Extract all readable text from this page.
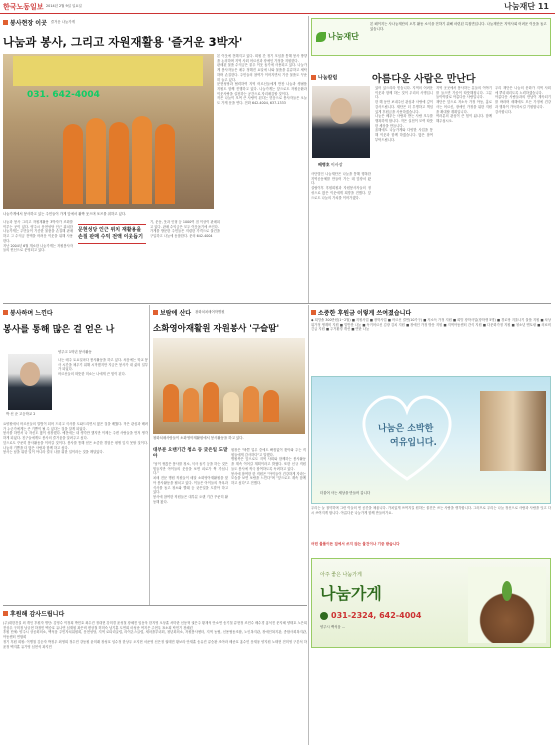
한국노동일보 2014년 2월 9일 일요일	나눔재단 11
봉사현장 이곳 즐거운 나눔가게
나눔과 봉사, 그리고 자원재활용 '즐거운 3박자'
031. 642-4004
나눔가게에서 봉사하고 있는 주민들이 가게 앞에서 활짝 웃으며 포즈를 취하고 있다.

나눔과 봉사 그리고 자원재활용 3박자가 조화를 이루는 곳이 있다. 양주시 문현성당 인근 위치한 나눔가게는 주민들이 기증한 물품을 손질해 판매하고 그 수익금 전액을 어려운 이웃을 위해 사용한다.

지난 2004년 6월 개소한 나눔가게는 자원봉사자들의 헌신으로 운영되고 있다.

문현성당 인근 위치 재활용을 손질 판매 수익 전액 이웃돕기

기, 운동, 옷과 인형 등 1000여 점 이상이 판매되고 있다. 판매 수익금은 모두 이웃돕기에 쓰인다.

가게를 방문한 주민들은 저렴한 가격으로 물건을 구입하고 나눔에 동참한다. 문의 642-4004

본 이웃에 전해지고 있다. 회원 간 정기 모임을 통해 봉사 방향을 논의하며 지역 사회 어르신과 장애인 가정을 지원한다.

판매된 물품 수익금은 불우 이웃 돕기에 사용되고 있다. 나눔가게 봉사자들은 매주 정해진 요일에 나와 물품을 분류하고 세탁하며 손질한다. 주민들의 참여가 이어지면서 기증 물품도 꾸준히 늘고 있다.

문현성당과 협력하여 지역 어르신들에게 반찬 나눔과 생필품 지원도 함께 진행하고 있다. 나눔가게는 앞으로도 자원순환과 이웃사랑을 실천하는 공간으로 자리매김할 것이다.

작은 나눔이 모여 큰 사랑이 된다는 믿음으로 봉사자들은 오늘도 가게 문을 연다. 전화 642-4004, 637-1333

나눔재단
본 페이지는 사나눔재단의 오후 활동 소식을 전하기 위해 마련된 특집면입니다. 나눔재단은 지역사회 어려운 이웃을 돕고 있습니다.
나눔칼럼	아름다운 사람은 만난다
배병호 이사장

사단법인 나눔재단은 나눔을 통해 행복한 지역공동체를 만들어 가는 데 앞장서 왔다.

설립이후 후원회원과 자원봉사자들의 정성으로 많은 이웃에게 희망을 전했다. 앞으로도 나눔의 가치를 이어가겠다.

있어 있으리라 믿습니다. 지역의 어려운 이웃과 함께 하는 것이 우리의 사명입니다.

한 해 동안 보내주신 관심과 사랑에 깊이 감사드립니다. 재단은 더 투명하고 책임 있게 후원금을 사용하겠습니다.

나눔은 베푸는 사람과 받는 사람 모두를 행복하게 합니다. 작은 실천이 모여 따뜻한 세상을 만듭니다.

올해에도 나눔가게와 다양한 사업을 통해 이웃과 함께 하겠습니다. 많은 참여 부탁드립니다.

지역 곳곳에서 봉사하는 분들의 이야기를 들으면 가슴이 따뜻해집니다. 그분들이야말로 아름다운 사람입니다.

재단은 앞으로 저소득 가정 아동, 홀로 사는 어르신, 장애인 가정을 위한 지원을 확대할 계획입니다.

여러분의 관심이 큰 힘이 됩니다. 함께 해주십시오.

우리 재단은 나눔의 문화가 지역 사회에 뿌리내리도록 노력하겠습니다.

아름다운 사람들과의 만남이 계속되기를 바라며 새해에도 모든 가정에 건강과 행복이 가득하시길 기원합니다.

감사합니다.

봉사하며 느낀다
봉사를 통해 많은 걸 얻은 나
박 신 준 고등학교 2
양주고 1학년 봉사활동

나는 매주 토요일마다 봉사활동을 하고 있다. 처음에는 학교 봉사 시간을 채우기 위해 시작했지만 지금은 봉사가 내 삶의 일부가 되었다.

어르신들의 따뜻한 미소는 나에게 큰 힘이 된다.

요양원에서 어르신들의 말벗이 되어 드리고 식사를 도와드리면서 많은 것을 배웠다. 작은 관심과 배려가 누군가에게는 큰 기쁨이 될 수 있다는 것을 알게 되었다.

봉사를 하면서 나 자신도 많이 성장했다. 예전에는 내 생각만 했지만 이제는 주변 사람들을 먼저 생각하게 되었다. 친구들에게도 봉사의 즐거움을 알려주고 싶다.

앞으로도 꾸준히 봉사활동을 이어갈 것이다. 봉사를 통해 얻은 소중한 경험은 평생 잊지 못할 것이다. 나눔의 기쁨을 더 많은 사람과 함께 하고 싶다.

봉사는 남을 위한 일이 아니라 결국 나를 위한 일이라는 것을 깨달았다.

보람에 산다 광화치치매어학병원
소화영아재활원 자원봉사 '구슬땀'
청화치매사람들이 소화영아재활원에서 봉사활동을 하고 있다.
대부분 오랜기간 청소 등 궂은일 도맡아

"남이 귀찮은 봉사를 청소, 식사 돕기 등을 하는 것은 힘들지만 아이들의 웃음을 보면 피로가 싹 가십니다."

치매 전문 병원 직원들이 매달 소화영아재활원을 찾아 봉사활동을 펼치고 있다. 이들은 아이들의 목욕과 식사를 돕고 청소와 빨래 등 궂은일을 도맡아 하고 있다.

봉사에 참여한 직원들은 대부분 오랜 기간 꾸준히 활동해 왔다.

원장은 "바쁜 업무 중에도 빠짐없이 찾아와 주는 직원들에게 감사하다"고 말했다.

병원측은 앞으로도 지역 사회와 함께하는 봉사활동을 계속 이어갈 계획이라고 밝혔다. 또한 신규 직원들도 봉사에 적극 참여하도록 독려하고 있다.

봉사에 참여한 한 직원은 "아이들이 건강하게 자라는 모습을 보면 보람을 느낀다"며 "앞으로도 계속 함께 하고 싶다"고 전했다.

소중한 후원금 이렇게 쓰여졌습니다

◆ 희망솔 300만원(1~2월) ■ 지원사업 ■ 장학사업 ■ 어르신 결연(10가구) ■ 저소득 가정 지원 ■ 희망 장학사업(장학생 5명) ■ 경로당 겨울나기 물품 지원 ■ 차상위가정 생계비 지원 ■ 밑반찬 나눔 ■ 독거어르신 김장 김치 지원 ■ 장애인 가정 방문 지원 ■ 지역아동센터 간식 지원 ■ 다문화가정 지원 ■ 청소년 멘토링 ■ 의료비 긴급 지원 ■ 주거환경 개선 ■ 연탄 나눔

나눔은 소박한
여유입니다.
더불어 사는 세상을 만들어 갑니다

우리는 늘 절약하며 그런 이들의 빈 공간을 채웁니다. 가치있게 쓰여지길 원하는 물건은 쓰는 사람을 생각합니다. 그러므로 우리는 나눔 정신으로 사람과 사람을 잇고 다시 쓰여지게 합니다. 아름다운 나눔가게 함께 만들어가요.

어떤 물품이든 집에서 쓰지 않는 물건이나 기증 받습니다
아주 좋은 나눔가게
나눔가게
031-2324, 642-4004
양주시 백석읍 ...
후원해 감사드립니다

(주)대한건설 외 개인 후원자 명단: 김영수 이정희 박민호 최수진 정대현 강미경 윤성철 장혜진 임동욱 한지영 오상훈 서미란 신동혁 권은주 황재석 안소연 송기철 류현정 조민수 배수경 홍석진 문지혜 양태호 노은희 전상우 구미정 남궁현 하정민 백승호 유나연 심재원 곽은비 변상철 허미숙 남기훈 도연희 마성준 여지은 주현우 표소희 탁민기 천혜린

후원 단체: 양주시 상공회의소, 백석읍 주민자치위원회, 문현성당, 지역 로타리클럽, 라이온스클럽, 새마을부녀회, 청년회의소, 자원봉사센터, 지역 농협, 신용협동조합, 노인복지관, 장애인복지관, 종합사회복지관, 아동센터 연합회

정기 후원 회원: 이병철 김순자 박정우 최영희 정수민 강동원 윤미래 장성호 임수정 한상우 오지현 서준영 신은정 권태민 황보라 안재훈 송유진 류승완 조아라 배준호 홍수민 문재웅 양지원 노태현 전미영 구본석 하윤정 백지훈 유가영 심현석 곽지민
